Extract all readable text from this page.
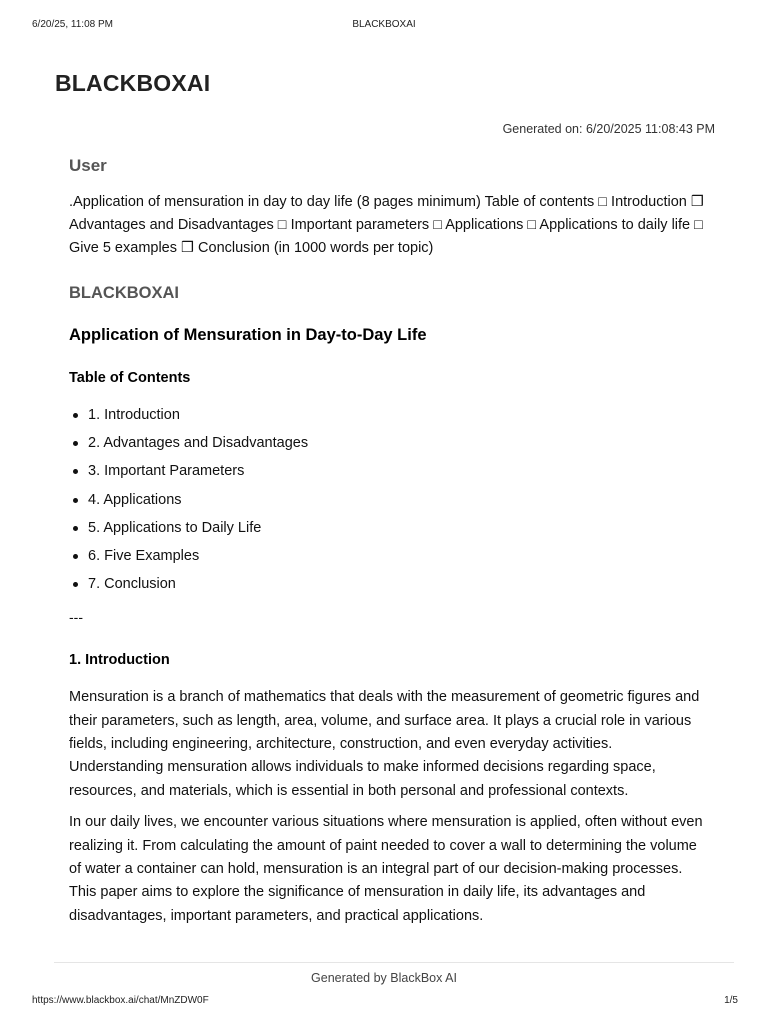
6/20/25, 11:08 PM	BLACKBOXAI
BLACKBOXAI
Generated on: 6/20/2025 11:08:43 PM
User

.Application of mensuration in day to day life (8 pages minimum) Table of contents □ Introduction ❒ Advantages and Disadvantages □ Important parameters □ Applications □ Applications to daily life □ Give 5 examples ❒ Conclusion (in 1000 words per topic)

BLACKBOXAI
Application of Mensuration in Day-to-Day Life
Table of Contents
1. Introduction
2. Advantages and Disadvantages
3. Important Parameters
4. Applications
5. Applications to Daily Life
6. Five Examples
7. Conclusion
---
1. Introduction

Mensuration is a branch of mathematics that deals with the measurement of geometric figures and their parameters, such as length, area, volume, and surface area. It plays a crucial role in various fields, including engineering, architecture, construction, and even everyday activities. Understanding mensuration allows individuals to make informed decisions regarding space, resources, and materials, which is essential in both personal and professional contexts.

In our daily lives, we encounter various situations where mensuration is applied, often without even realizing it. From calculating the amount of paint needed to cover a wall to determining the volume of water a container can hold, mensuration is an integral part of our decision-making processes. This paper aims to explore the significance of mensuration in daily life, its advantages and disadvantages, important parameters, and practical applications.

Generated by BlackBox AI
https://www.blackbox.ai/chat/MnZDW0F	1/5
